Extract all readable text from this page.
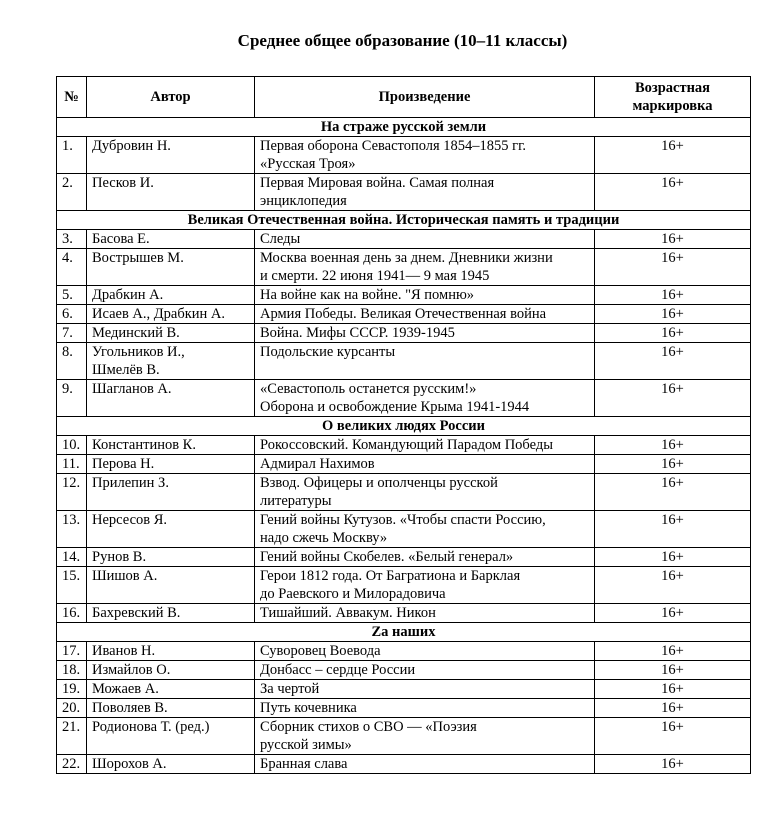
Среднее общее образование (10–11 классы)
№	Автор	Произведение	Возрастная
маркировка

На страже русской земли			
1.	Дубровин Н.	Первая оборона Севастополя 1854–1855 гг.
«Русская Троя»	16+
2.	Песков И.	Первая Мировая война. Самая полная
энциклопедия	16+
Великая Отечественная война. Историческая память и традиции			
3.	Басова Е.	Следы	16+
4.	Вострышев М.	Москва военная день за днем. Дневники жизни
и смерти. 22 июня 1941— 9 мая 1945	16+
5.	Драбкин А.	На войне как на войне. "Я помню»	16+
6.	Исаев А., Драбкин А.	Армия Победы. Великая Отечественная война	16+
7.	Мединский В.	Война. Мифы СССР. 1939-1945	16+
8.	Угольников И.,
Шмелёв В.	Подольские курсанты	16+
9.	Шагланов А.	«Севастополь останется русским!»
Оборона и освобождение Крыма 1941-1944	16+
О великих людях России			
10.	Константинов К.	Рокоссовский. Командующий Парадом Победы	16+
11.	Перова Н.	Адмирал Нахимов	16+
12.	Прилепин З.	Взвод. Офицеры и ополченцы русской
литературы	16+
13.	Нерсесов Я.	Гений войны Кутузов. «Чтобы спасти Россию,
надо сжечь Москву»	16+
14.	Рунов В.	Гений войны Скобелев. «Белый генерал»	16+
15.	Шишов А.	Герои 1812 года. От Багратиона и Барклая
до Раевского и Милорадовича	16+
16.	Бахревский В.	Тишайший. Аввакум. Никон	16+
Zа наших			
17.	Иванов Н.	Суворовец Воевода	16+
18.	Измайлов О.	Донбасс – сердце России	16+
19.	Можаев А.	За чертой	16+
20.	Поволяев В.	Путь кочевника	16+
21.	Родионова Т. (ред.)	Сборник стихов о СВО — «Поэзия
русской зимы»	16+
22.	Шорохов А.	Бранная слава	16+
